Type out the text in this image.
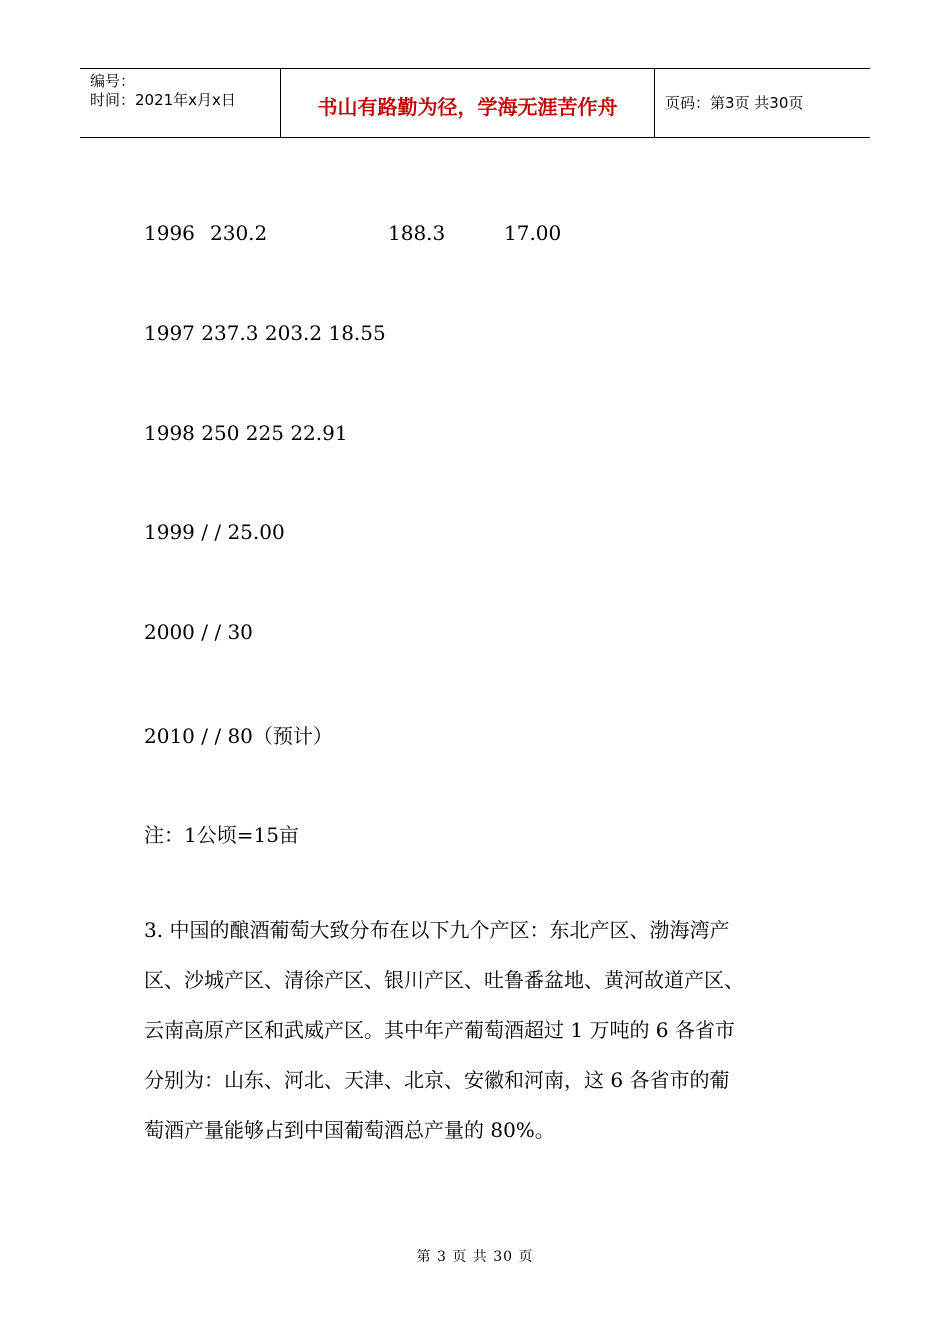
编号：
时间：2021年x月x日	书山有路勤为径，学海无涯苦作舟	页码：第3页 共30页
1996 230.2	188.3	17.00
1997 237.3 203.2 18.55
1998 250 225 22.91
1999 / / 25.00
2000 / / 30
2010 / / 80（预计）
注：1公顷=15亩
3. 中国的酿酒葡萄大致分布在以下九个产区：东北产区、渤海湾产
区、沙城产区、清徐产区、银川产区、吐鲁番盆地、黄河故道产区、
云南高原产区和武威产区。其中年产葡萄酒超过 1 万吨的 6 各省市
分别为：山东、河北、天津、北京、安徽和河南，这 6 各省市的葡
萄酒产量能够占到中国葡萄酒总产量的 80%。
第 3 页 共 30 页
